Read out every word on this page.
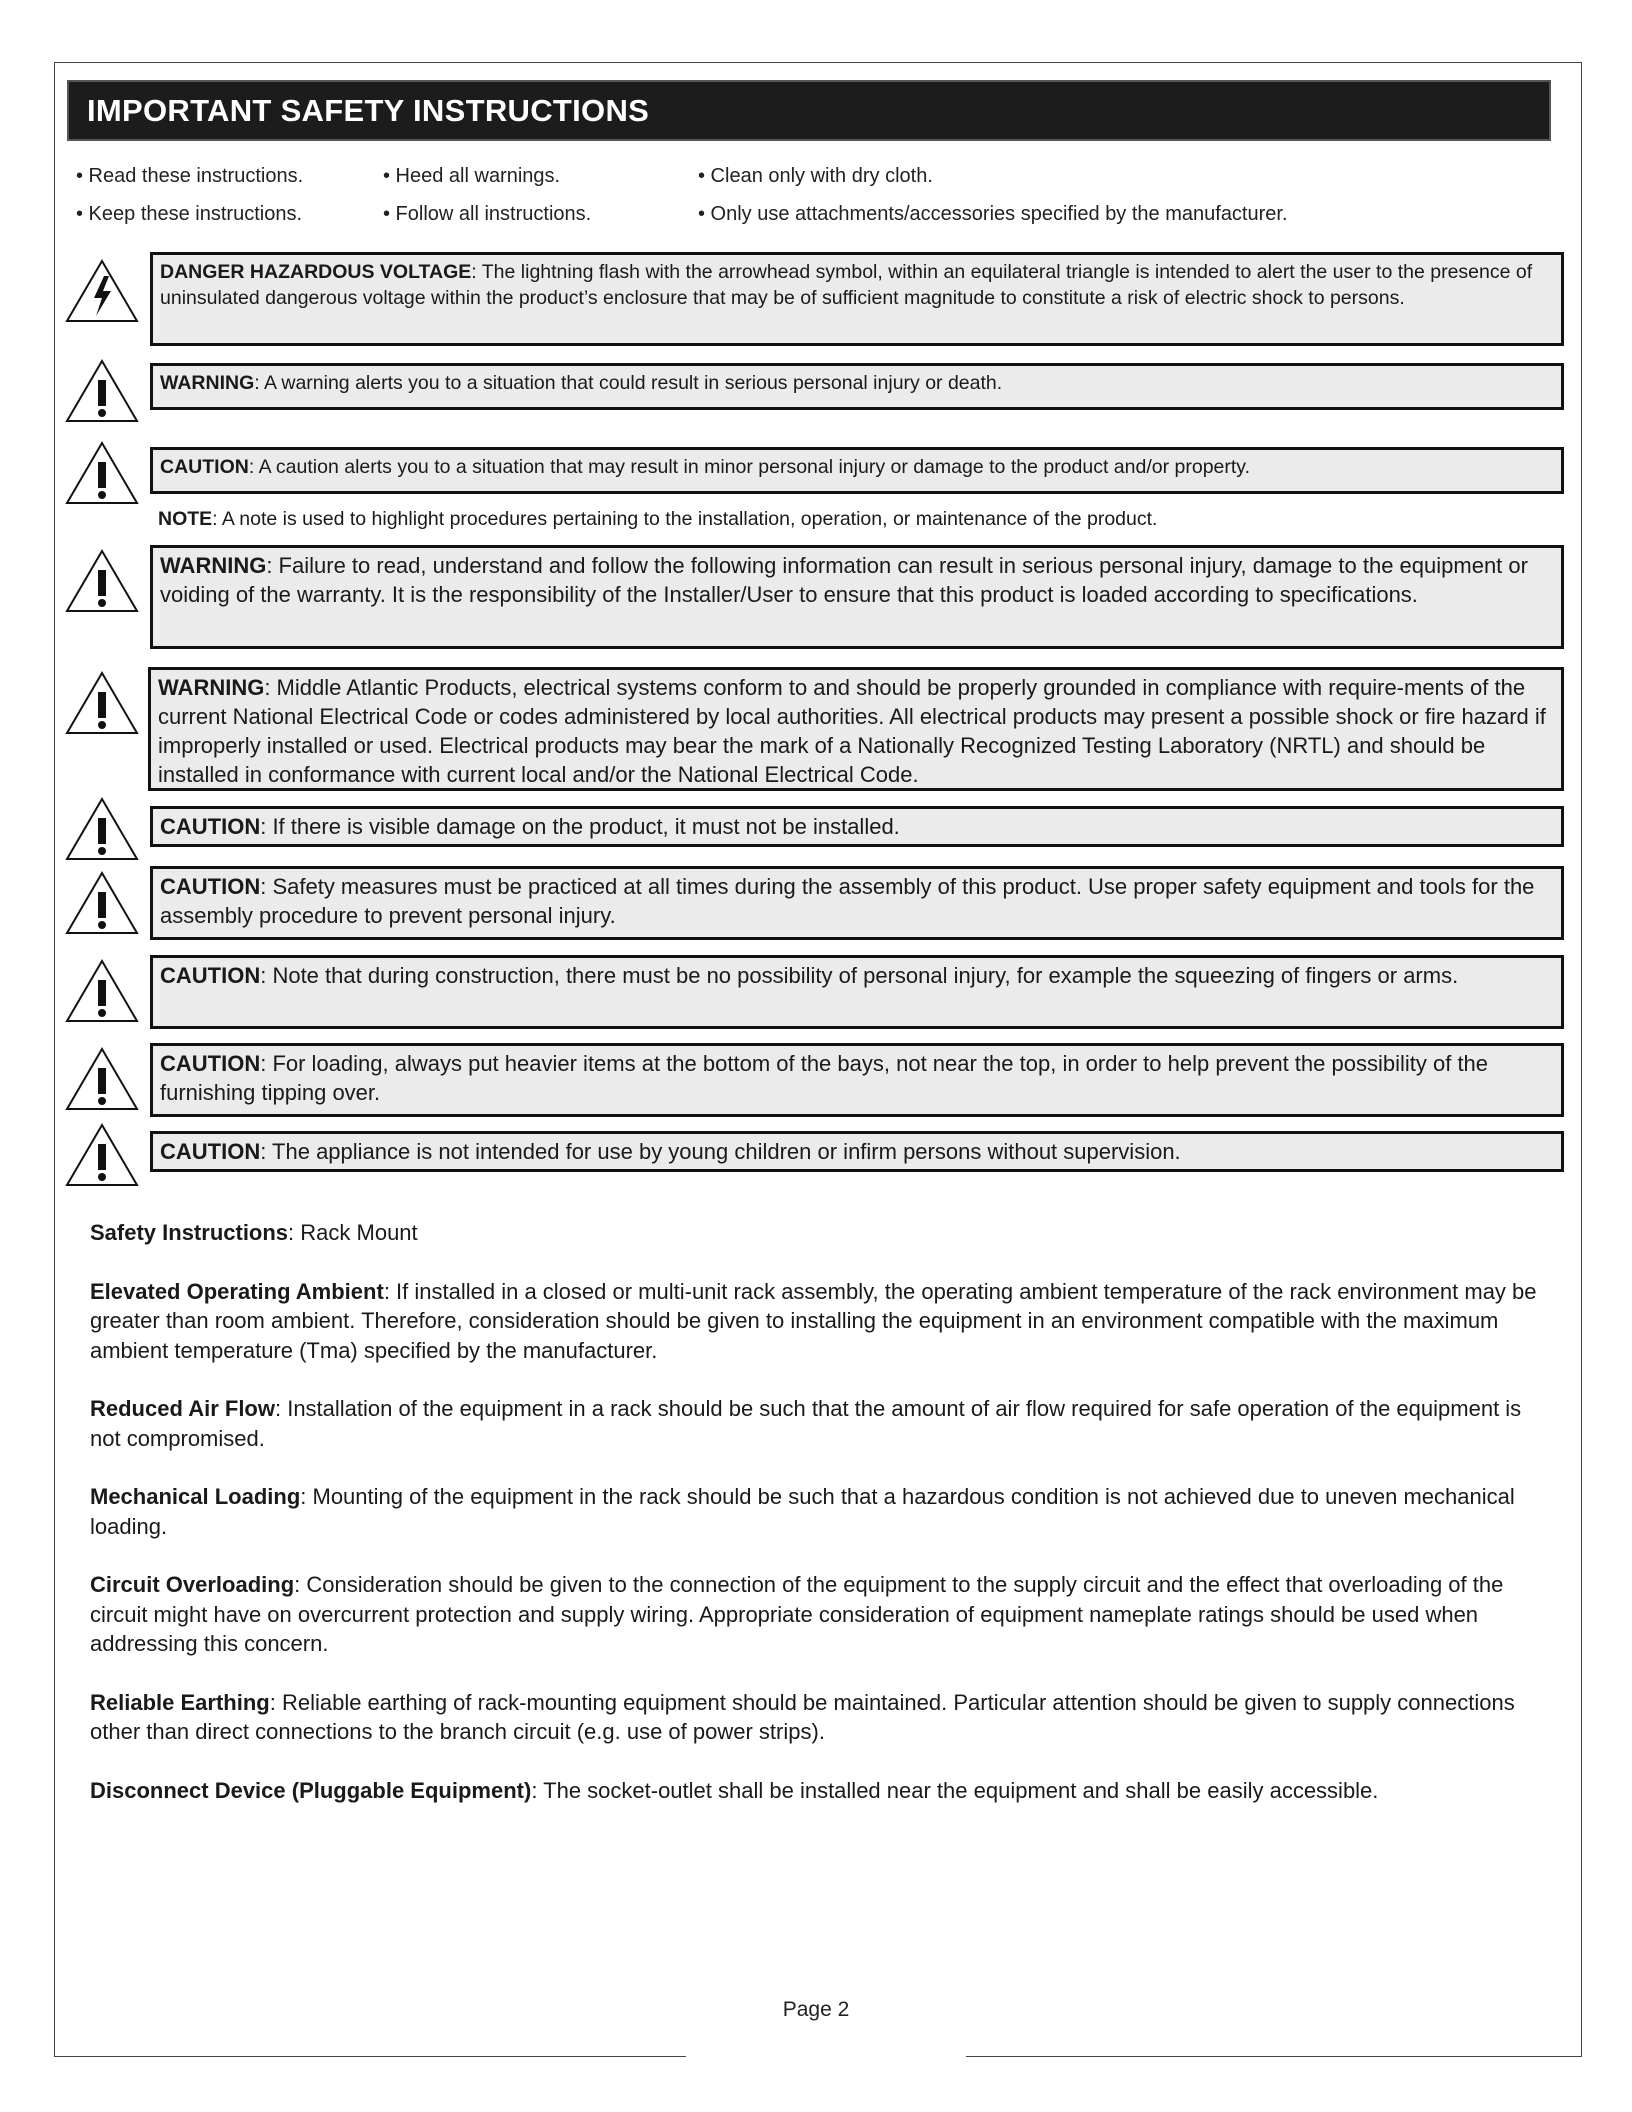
IMPORTANT SAFETY INSTRUCTIONS
• Read these instructions.	• Heed all warnings.	• Clean only with dry cloth.
• Keep these instructions.	• Follow all instructions.	• Only use attachments/accessories specified by the manufacturer.
DANGER HAZARDOUS VOLTAGE: The lightning flash with the arrowhead symbol, within an equilateral triangle is intended to alert the user to the presence of uninsulated dangerous voltage within the product’s enclosure that may be of sufficient magnitude to constitute a risk of electric shock to persons.
WARNING: A warning alerts you to a situation that could result in serious personal injury or death.
CAUTION: A caution alerts you to a situation that may result in minor personal injury or damage to the product and/or property.
NOTE: A note is used to highlight procedures pertaining to the installation, operation, or maintenance of the product.
WARNING: Failure to read, understand and follow the following information can result in serious personal injury, damage to the equipment or voiding of the warranty. It is the responsibility of the Installer/User to ensure that this product is loaded according to specifications.
WARNING: Middle Atlantic Products, electrical systems conform to and should be properly grounded in compliance with require-ments of the current National Electrical Code or codes administered by local authorities. All electrical products may present a possible shock or fire hazard if improperly installed or used. Electrical products may bear the mark of a Nationally Recognized Testing Laboratory (NRTL) and should be installed in conformance with current local and/or the National Electrical Code.
CAUTION: If there is visible damage on the product, it must not be installed.
CAUTION: Safety measures must be practiced at all times during the assembly of this product. Use proper safety equipment and tools for the assembly procedure to prevent personal injury.
CAUTION: Note that during construction, there must be no possibility of personal injury, for example the squeezing of fingers or arms.
CAUTION: For loading, always put heavier items at the bottom of the bays, not near the top, in order to help prevent the possibility of the furnishing tipping over.
CAUTION: The appliance is not intended for use by young children or infirm persons without supervision.

Safety Instructions: Rack Mount

Elevated Operating Ambient: If installed in a closed or multi-unit rack assembly, the operating ambient temperature of the rack environment may be greater than room ambient. Therefore, consideration should be given to installing the equipment in an environment compatible with the maximum ambient temperature (Tma) specified by the manufacturer.

Reduced Air Flow: Installation of the equipment in a rack should be such that the amount of air flow required for safe operation of the equipment is not compromised.

Mechanical Loading: Mounting of the equipment in the rack should be such that a hazardous condition is not achieved due to uneven mechanical loading.

Circuit Overloading: Consideration should be given to the connection of the equipment to the supply circuit and the effect that overloading of the circuit might have on overcurrent protection and supply wiring. Appropriate consideration of equipment nameplate ratings should be used when addressing this concern.

Reliable Earthing: Reliable earthing of rack-mounting equipment should be maintained. Particular attention should be given to supply connections other than direct connections to the branch circuit (e.g. use of power strips).

Disconnect Device (Pluggable Equipment): The socket-outlet shall be installed near the equipment and shall be easily accessible.

Page 2
